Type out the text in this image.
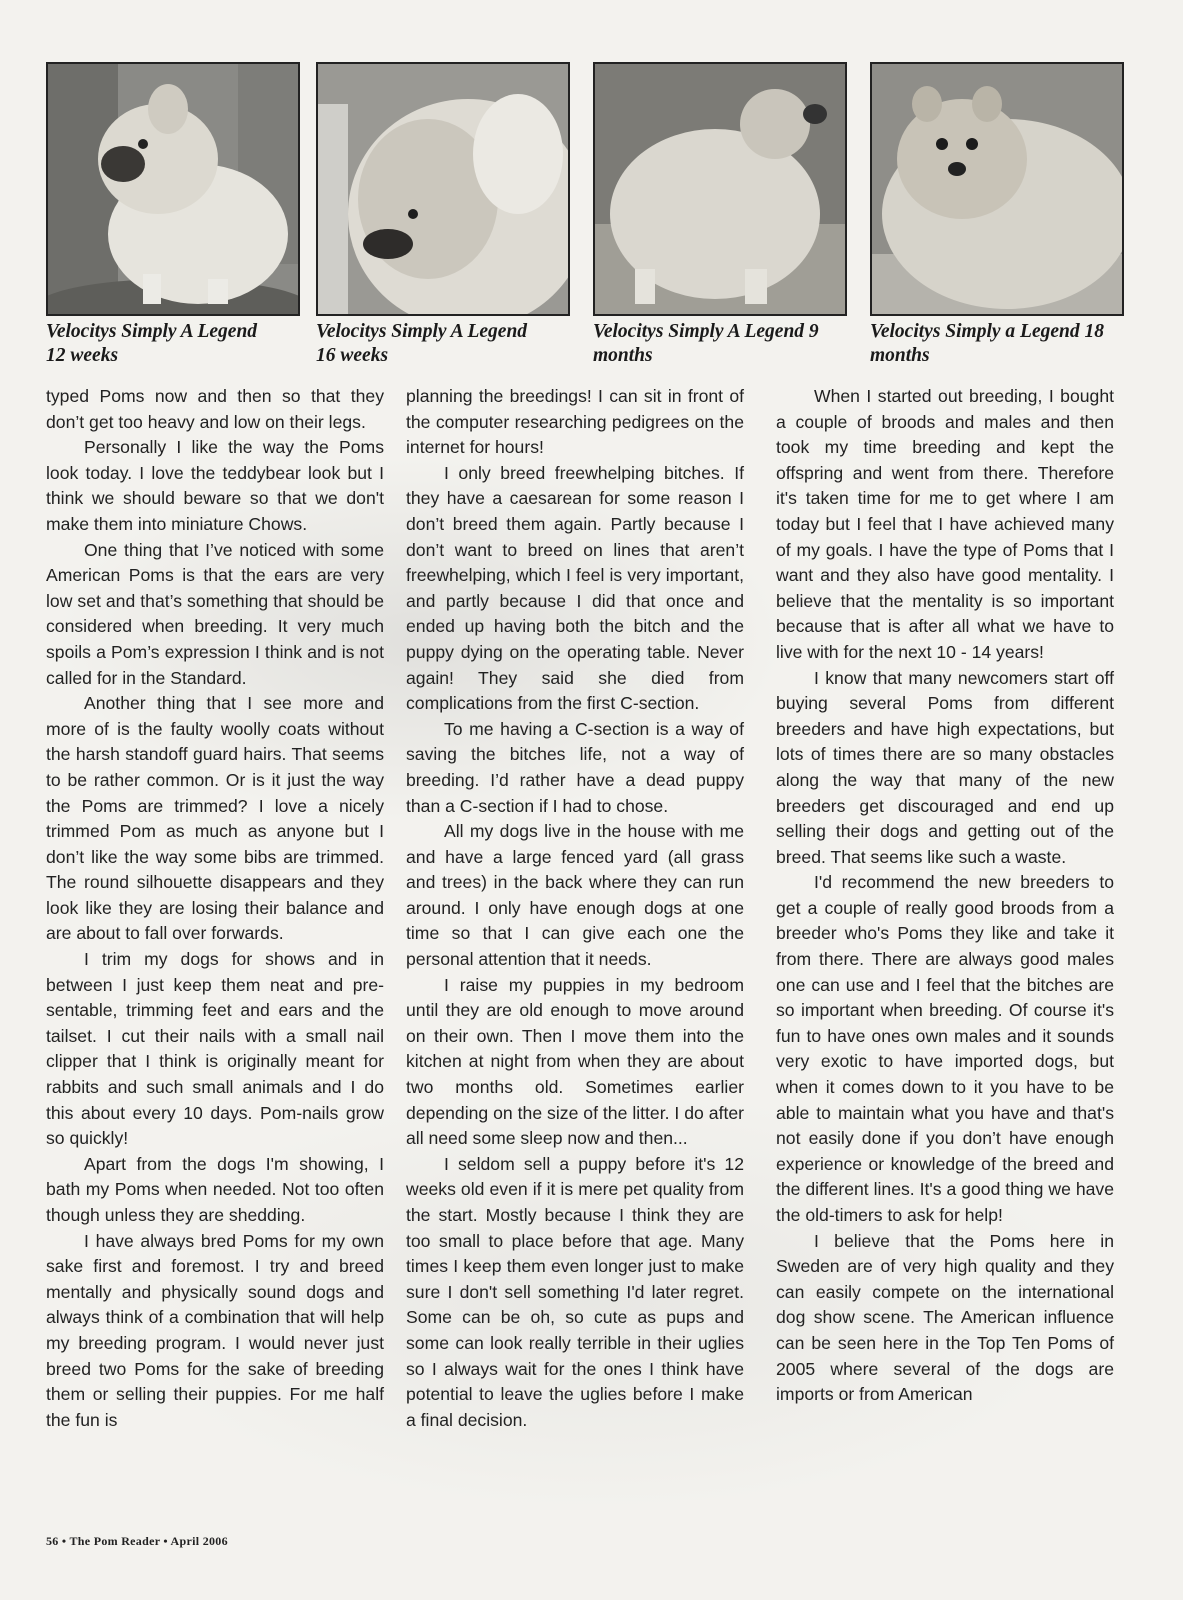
Velocitys Simply A Legend
12 weeks
Velocitys Simply A Legend
16 weeks
Velocitys Simply A Legend 9
months
Velocitys Simply a Legend 18
months

typed Poms now and then so that they don’t get too heavy and low on their legs.

Personally I like the way the Poms look today. I love the teddybear look but I think we should beware so that we don't make them into miniature Chows.

One thing that I’ve noticed with some American Poms is that the ears are very low set and that’s something that should be considered when breeding. It very much spoils a Pom’s expression I think and is not called for in the Standard.

Another thing that I see more and more of is the faulty woolly coats without the harsh standoff guard hairs. That seems to be rather common. Or is it just the way the Poms are trimmed? I love a nicely trimmed Pom as much as anyone but I don’t like the way some bibs are trimmed. The round silhouette disappears and they look like they are losing their balance and are about to fall over forwards.

I trim my dogs for shows and in between I just keep them neat and presentable, trimming feet and ears and the tailset. I cut their nails with a small nail clipper that I think is originally meant for rabbits and such small animals and I do this about every 10 days. Pom-nails grow so quickly!

Apart from the dogs I'm showing, I bath my Poms when needed. Not too often though unless they are shedding.

I have always bred Poms for my own sake first and foremost. I try and breed mentally and physically sound dogs and always think of a combination that will help my breeding program. I would never just breed two Poms for the sake of breeding them or selling their puppies. For me half the fun is

planning the breedings! I can sit in front of the computer researching pedigrees on the internet for hours!

I only breed freewhelping bitches. If they have a caesarean for some reason I don’t breed them again. Partly because I don’t want to breed on lines that aren’t freewhelping, which I feel is very important, and partly because I did that once and ended up having both the bitch and the puppy dying on the operating table. Never again! They said she died from complications from the first C-section.

To me having a C-section is a way of saving the bitches life, not a way of breeding. I’d rather have a dead puppy than a C-section if I had to chose.

All my dogs live in the house with me and have a large fenced yard (all grass and trees) in the back where they can run around. I only have enough dogs at one time so that I can give each one the personal attention that it needs.

I raise my puppies in my bedroom until they are old enough to move around on their own. Then I move them into the kitchen at night from when they are about two months old. Sometimes earlier depending on the size of the litter. I do after all need some sleep now and then...

I seldom sell a puppy before it's 12 weeks old even if it is mere pet quality from the start. Mostly because I think they are too small to place before that age. Many times I keep them even longer just to make sure I don't sell something I'd later regret. Some can be oh, so cute as pups and some can look really terrible in their uglies so I always wait for the ones I think have potential to leave the uglies before I make a final decision.

When I started out breeding, I bought a couple of broods and males and then took my time breeding and kept the offspring and went from there. Therefore it's taken time for me to get where I am today but I feel that I have achieved many of my goals. I have the type of Poms that I want and they also have good mentality. I believe that the mentality is so important because that is after all what we have to live with for the next 10 - 14 years!

I know that many newcomers start off buying several Poms from different breeders and have high expectations, but lots of times there are so many obstacles along the way that many of the new breeders get discouraged and end up selling their dogs and getting out of the breed. That seems like such a waste.

I'd recommend the new breeders to get a couple of really good broods from a breeder who's Poms they like and take it from there. There are always good males one can use and I feel that the bitches are so important when breeding. Of course it's fun to have ones own males and it sounds very exotic to have imported dogs, but when it comes down to it you have to be able to maintain what you have and that's not easily done if you don’t have enough experience or knowledge of the breed and the different lines. It's a good thing we have the old-timers to ask for help!

I believe that the Poms here in Sweden are of very high quality and they can easily compete on the international dog show scene. The American influence can be seen here in the Top Ten Poms of 2005 where several of the dogs are imports or from American

56 • The Pom Reader • April 2006
